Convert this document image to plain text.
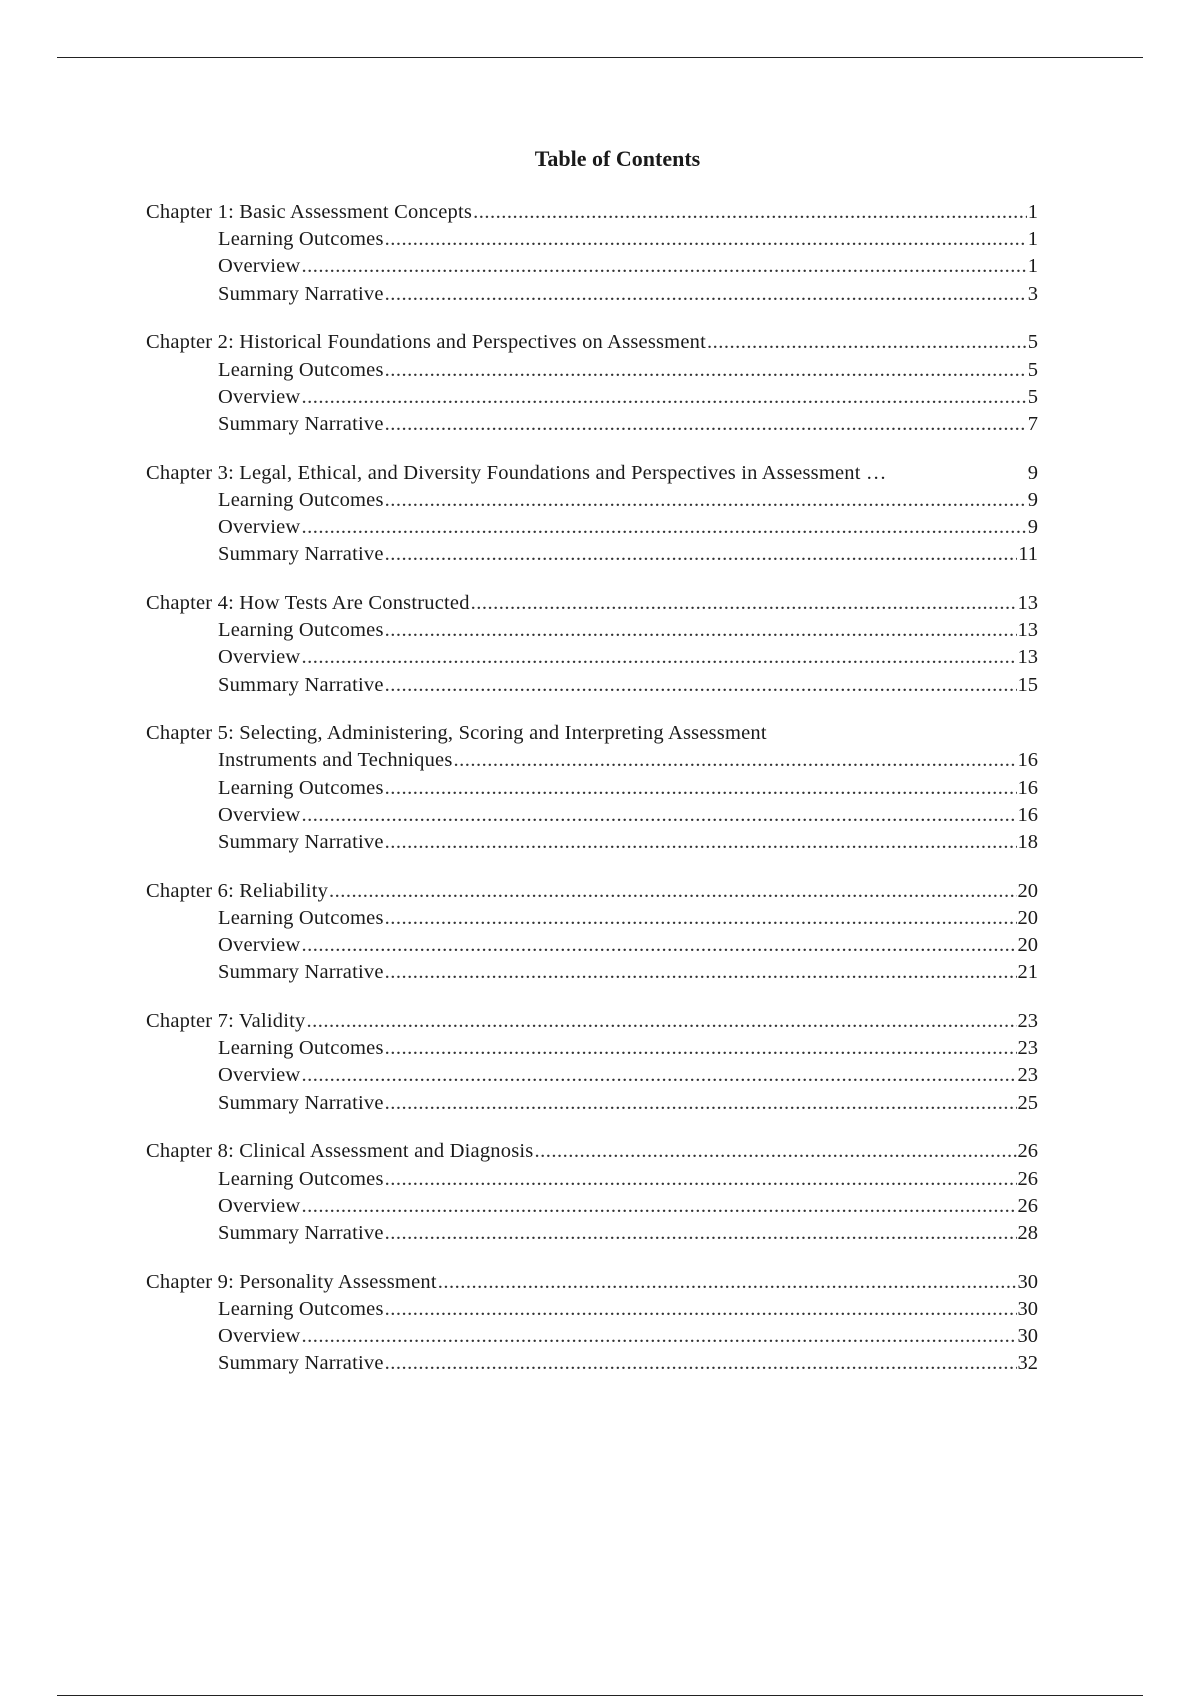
Table of Contents
Chapter 1: Basic Assessment Concepts .....	1
Learning Outcomes .....	1
Overview .....	1
Summary Narrative .....	3
Chapter 2: Historical Foundations and Perspectives on Assessment .....	5
Learning Outcomes .....	5
Overview .....	5
Summary Narrative .....	7
Chapter 3: Legal, Ethical, and Diversity Foundations and Perspectives in Assessment …	9
Learning Outcomes .....	9
Overview .....	9
Summary Narrative .....	11
Chapter 4: How Tests Are Constructed .....	13
Learning Outcomes .....	13
Overview .....	13
Summary Narrative .....	15
Chapter 5: Selecting, Administering, Scoring and Interpreting Assessment
Instruments and Techniques .....	16
Learning Outcomes .....	16
Overview .....	16
Summary Narrative .....	18
Chapter 6: Reliability .....	20
Learning Outcomes .....	20
Overview .....	20
Summary Narrative .....	21
Chapter 7: Validity .....	23
Learning Outcomes .....	23
Overview .....	23
Summary Narrative .....	25
Chapter 8: Clinical Assessment and Diagnosis .....	26
Learning Outcomes .....	26
Overview .....	26
Summary Narrative .....	28
Chapter 9: Personality Assessment .....	30
Learning Outcomes .....	30
Overview .....	30
Summary Narrative .....	32
